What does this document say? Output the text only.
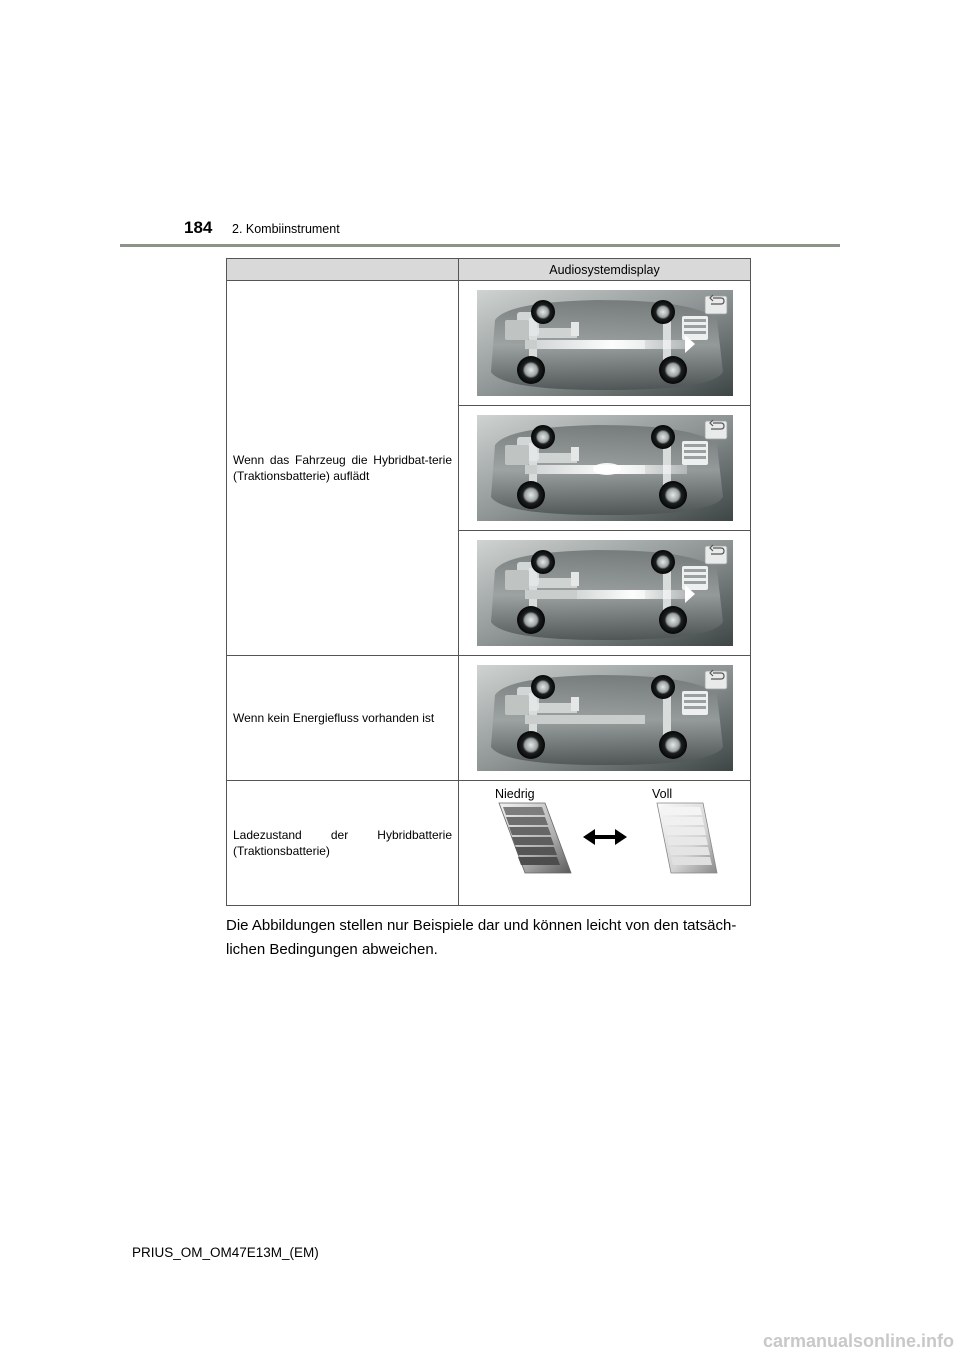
184 2. Kombiinstrument
	Audiosystemdisplay
Wenn das Fahrzeug die Hybridbat-terie (Traktionsbatterie) auflädt	

Wenn kein Energiefluss vorhanden ist	

Ladezustand der Hybridbatterie (Traktionsbatterie)	Niedrig Voll

Die Abbildungen stellen nur Beispiele dar und können leicht von den tatsäch-lichen Bedingungen abweichen.

PRIUS_OM_OM47E13M_(EM)
carmanualsonline.info
